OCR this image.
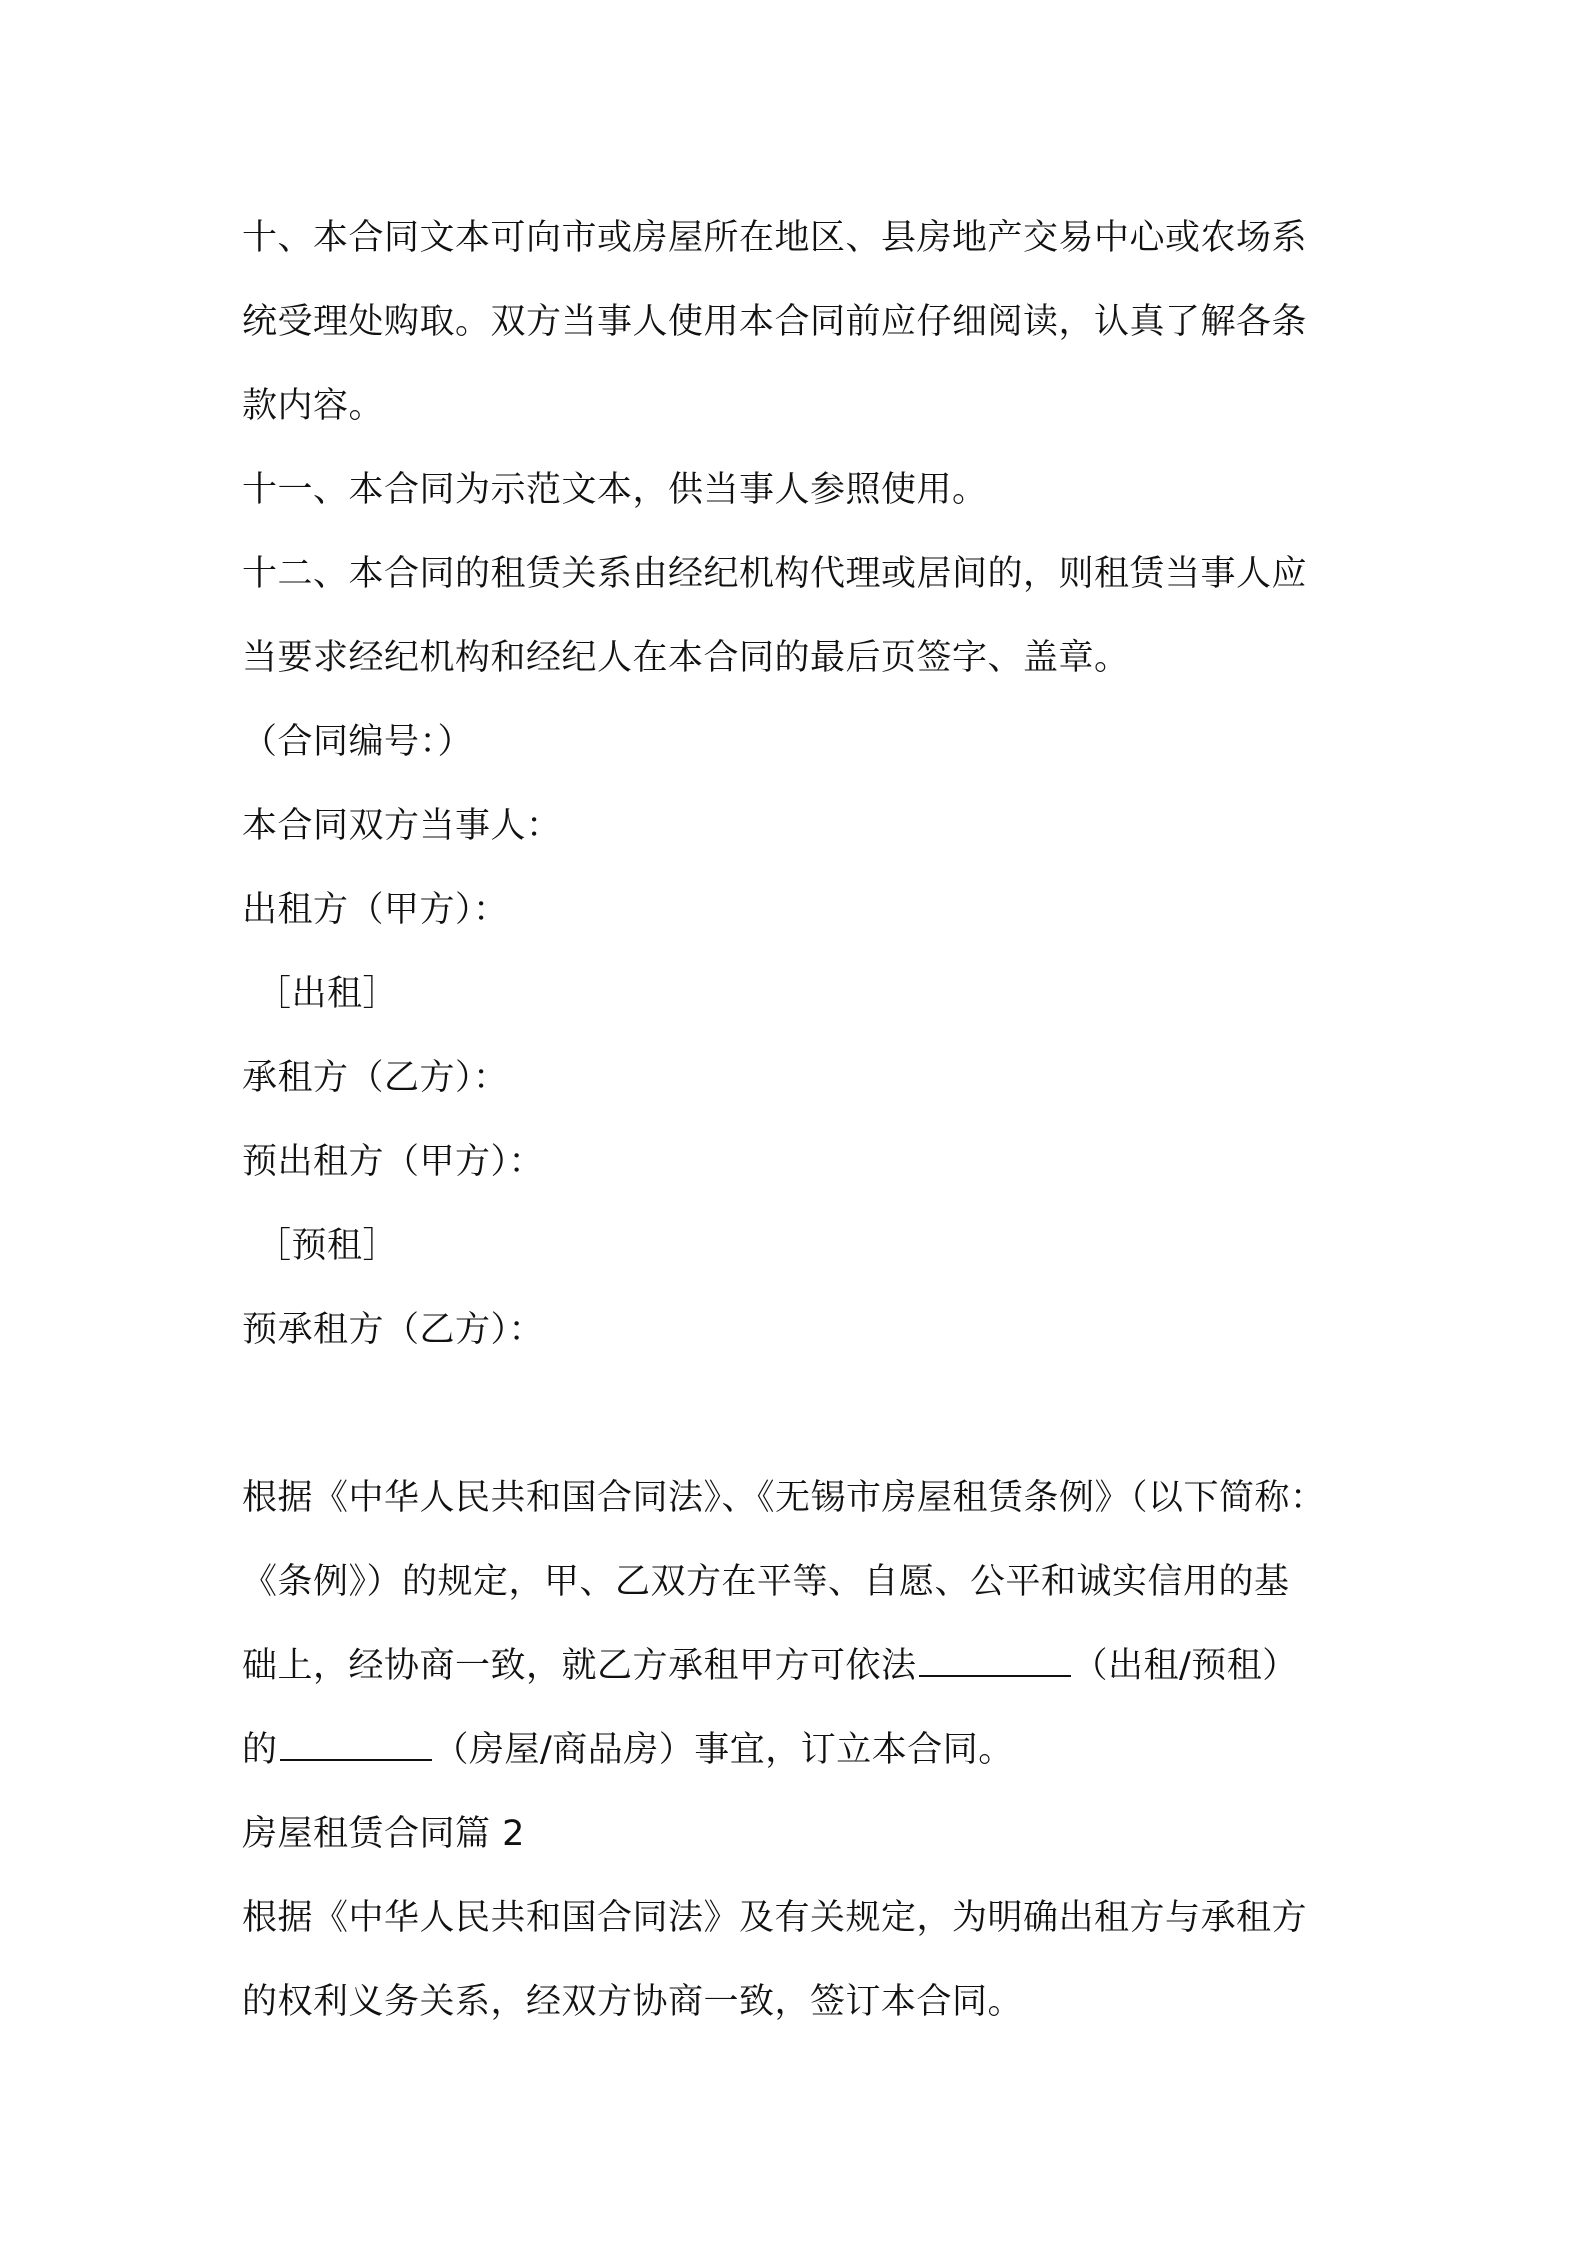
十、本合同文本可向市或房屋所在地区、县房地产交易中心或农场系
统受理处购取。双方当事人使用本合同前应仔细阅读，认真了解各条
款内容。
十一、本合同为示范文本，供当事人参照使用。
十二、本合同的租赁关系由经纪机构代理或居间的，则租赁当事人应
当要求经纪机构和经纪人在本合同的最后页签字、盖章。
（合同编号：）
本合同双方当事人：
出租方（甲方）：
［出租］
承租方（乙方）：
预出租方（甲方）：
［预租］
预承租方（乙方）：
根据《中华人民共和国合同法》、《无锡市房屋租赁条例》（以下简称：
《条例》）的规定，甲、乙双方在平等、自愿、公平和诚实信用的基
础上，经协商一致，就乙方承租甲方可依法	（出租/预租）
的	（房屋/商品房）事宜，订立本合同。
房屋租赁合同篇 2
根据《中华人民共和国合同法》及有关规定，为明确出租方与承租方
的权利义务关系，经双方协商一致，签订本合同。
